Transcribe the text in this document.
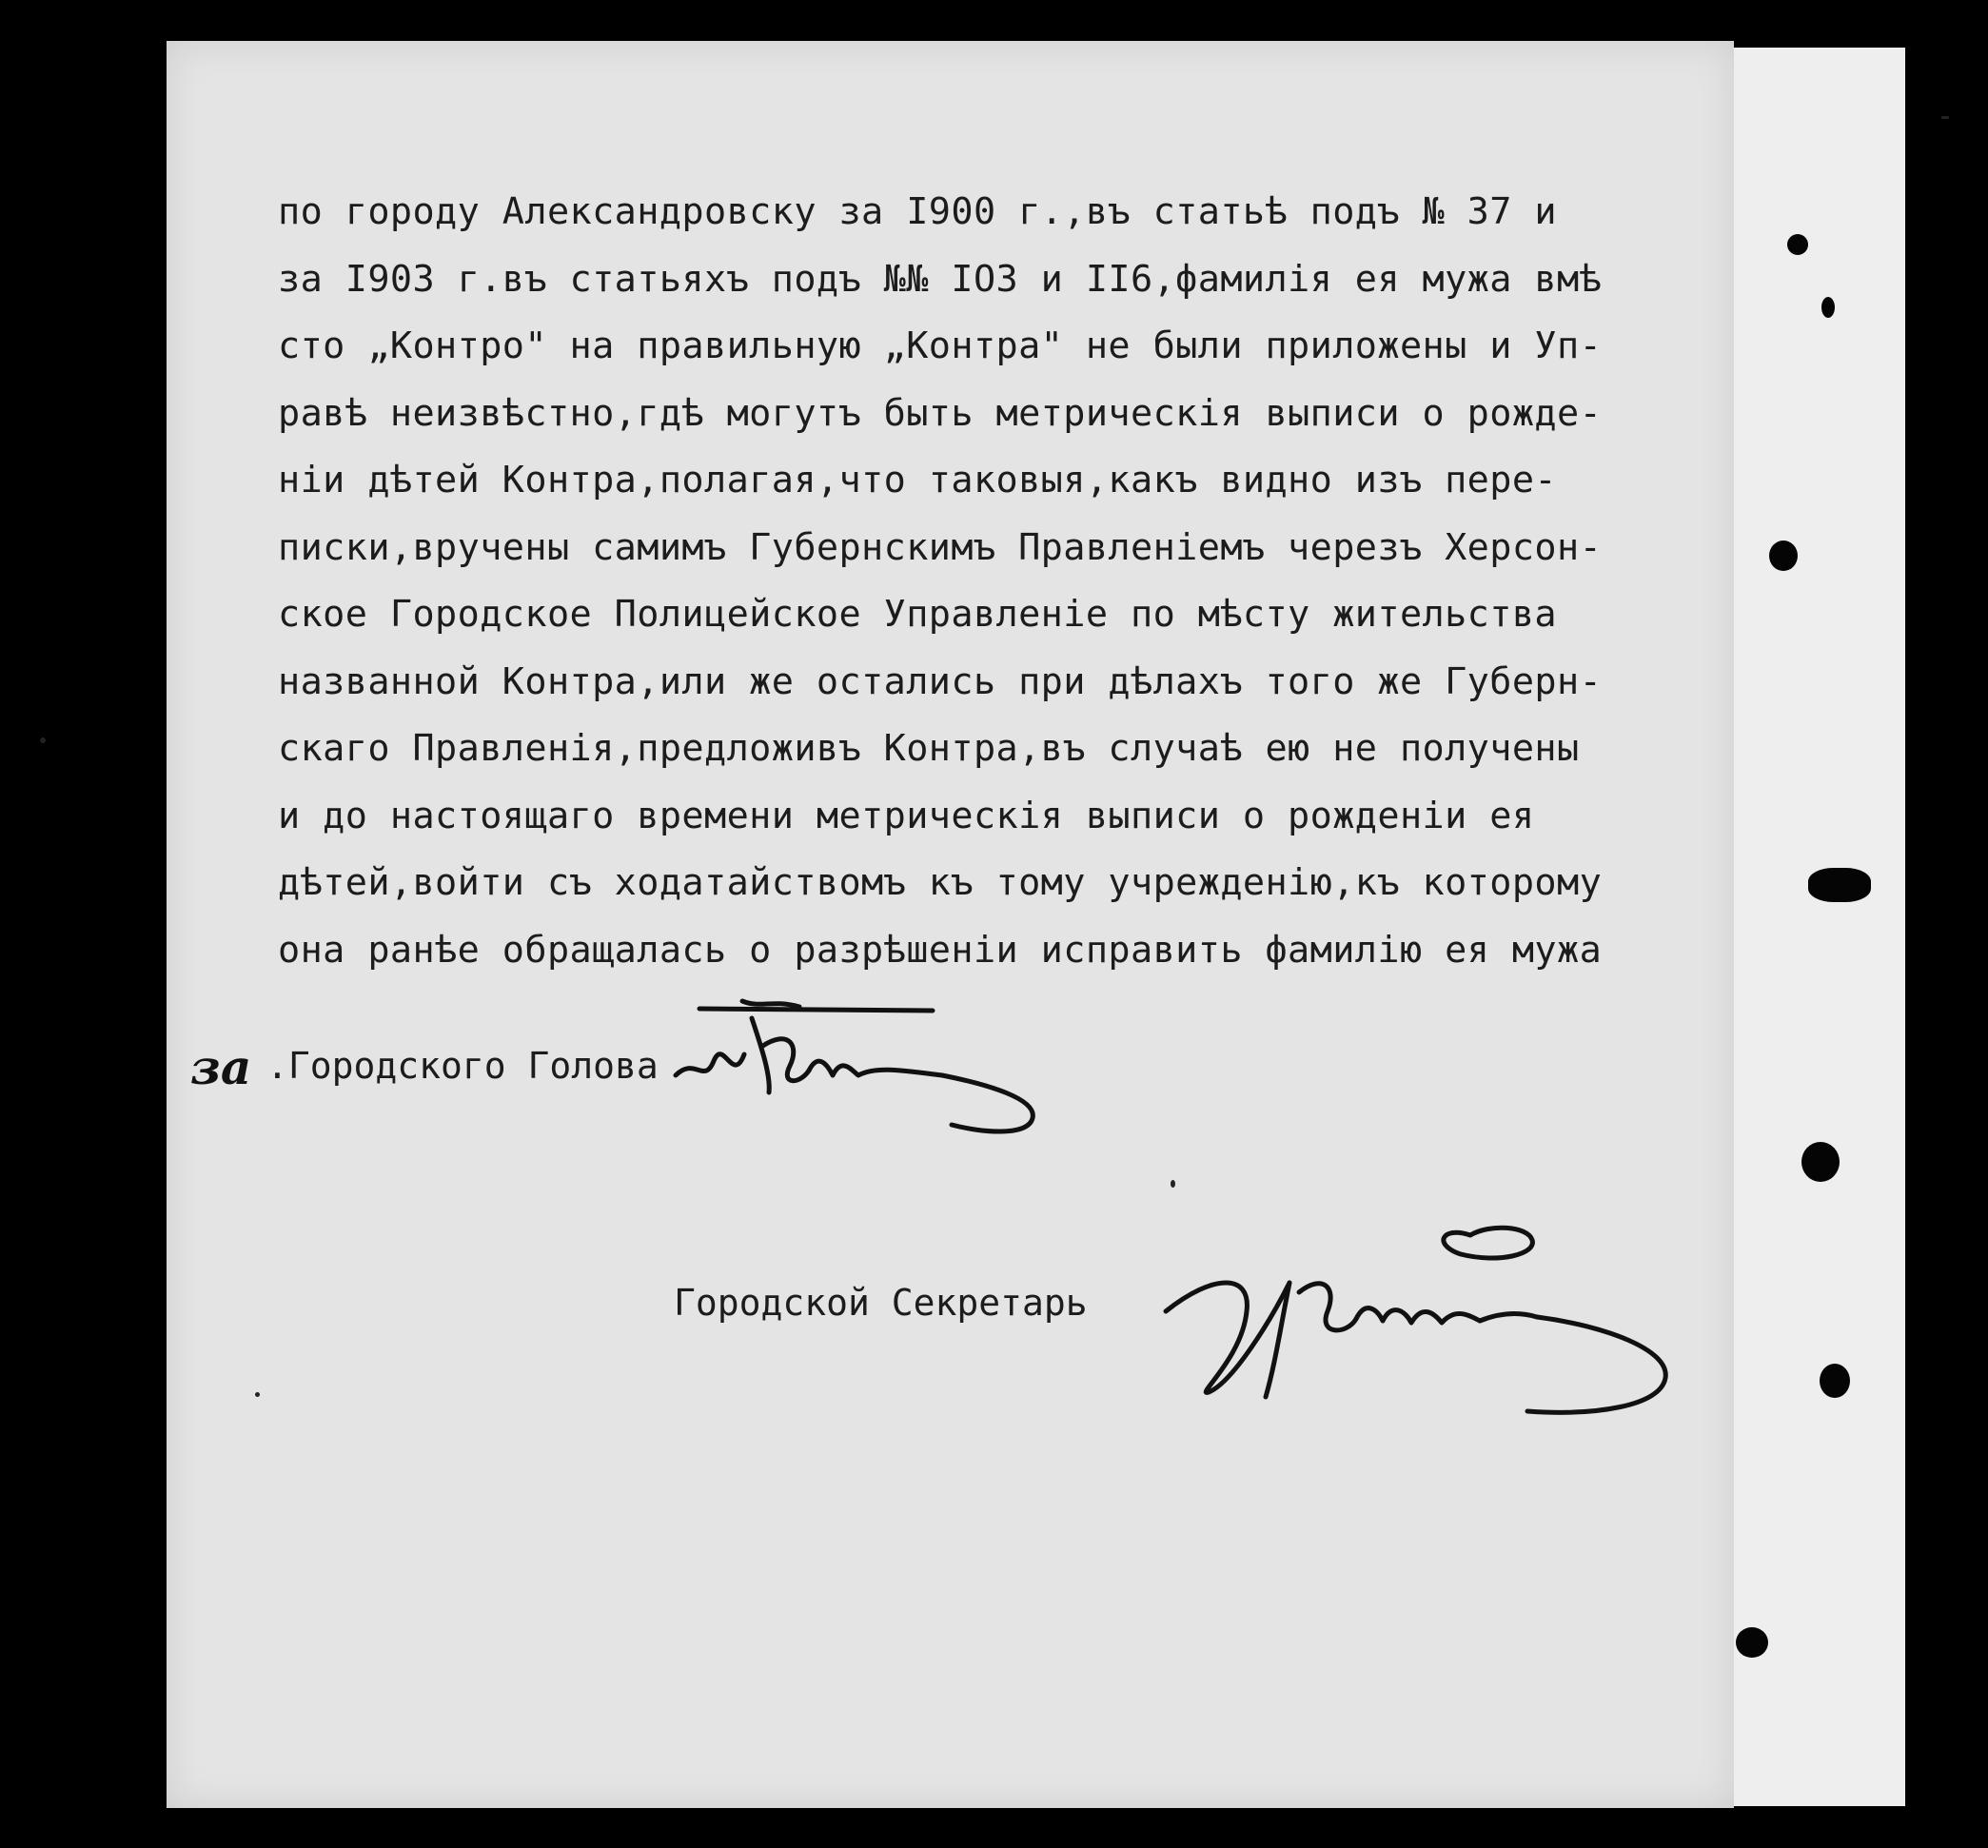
по городу Александровску за I900 г.,въ статьѣ подъ № 37 и
за I903 г.въ статьяхъ подъ №№ IO3 и II6,фамилія ея мужа вмѣ
сто „Контро" на правильную „Контра" не были приложены и Уп-
равѣ неизвѣстно,гдѣ могутъ быть метрическія выписи о рожде-
ніи дѣтей Контра,полагая,что таковыя,какъ видно изъ пере-
писки,вручены самимъ Губернскимъ Правленіемъ черезъ Херсон-
ское Городское Полицейское Управленіе по мѣсту жительства
названной Контра,или же остались при дѣлахъ того же Губерн-
скаго Правленія,предложивъ Контра,въ случаѣ ею не получены
и до настоящаго времени метрическія выписи о рожденіи ея
дѣтей,войти съ ходатайствомъ къ тому учрежденію,къ которому
она ранѣе обращалась о разрѣшеніи исправить фамилію ея мужа
за .Городского Голова
Городской Секретарь
